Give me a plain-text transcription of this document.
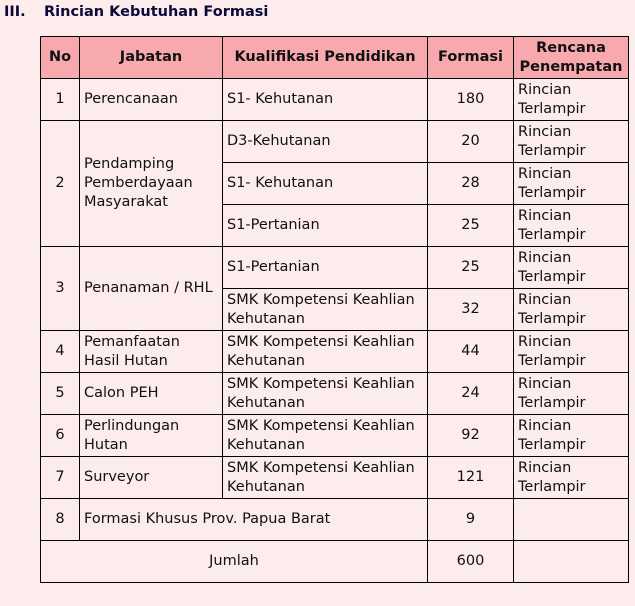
III. Rincian Kebutuhan Formasi
No	Jabatan	Kualifikasi Pendidikan	Formasi	Rencana Penempatan
1	Perencanaan	S1- Kehutanan	180	Rincian Terlampir
2	Pendamping Pemberdayaan Masyarakat	D3-Kehutanan	20	Rincian Terlampir
		S1- Kehutanan	28	Rincian Terlampir
		S1-Pertanian	25	Rincian Terlampir
3	Penanaman / RHL	S1-Pertanian	25	Rincian Terlampir
		SMK Kompetensi Keahlian Kehutanan	32	Rincian Terlampir
4	Pemanfaatan Hasil Hutan	SMK Kompetensi Keahlian Kehutanan	44	Rincian Terlampir
5	Calon PEH	SMK Kompetensi Keahlian Kehutanan	24	Rincian Terlampir
6	Perlindungan Hutan	SMK Kompetensi Keahlian Kehutanan	92	Rincian Terlampir
7	Surveyor	SMK Kompetensi Keahlian Kehutanan	121	Rincian Terlampir
8	Formasi Khusus Prov. Papua Barat		9	
Jumlah			600	
